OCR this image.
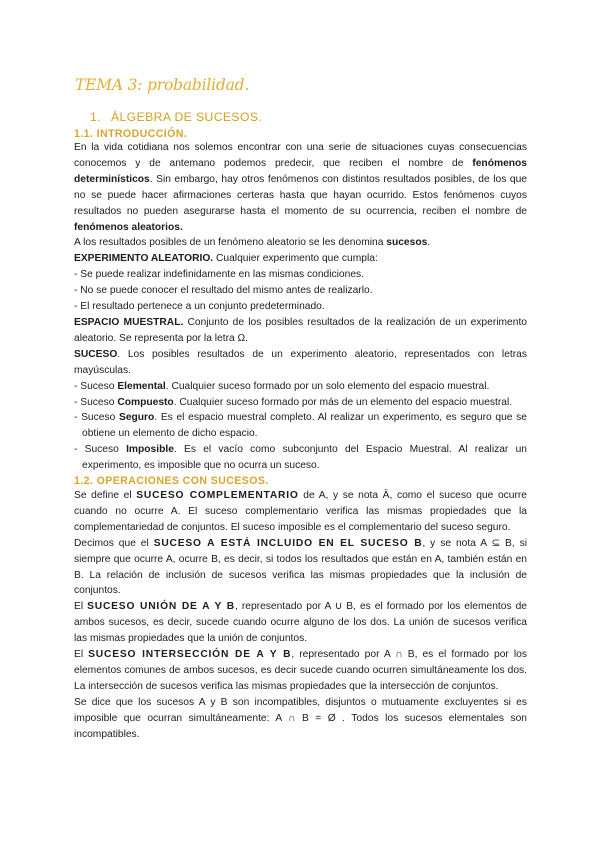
TEMA 3: probabilidad.
1. ÁLGEBRA DE SUCESOS.
1.1. INTRODUCCIÓN.

En la vida cotidiana nos solemos encontrar con una serie de situaciones cuyas consecuencias conocemos y de antemano podemos predecir, que reciben el nombre de fenómenos determinísticos. Sin embargo, hay otros fenómenos con distintos resultados posibles, de los que no se puede hacer afirmaciones certeras hasta que hayan ocurrido. Estos fenómenos cuyos resultados no pueden asegurarse hasta el momento de su ocurrencia, reciben el nombre de fenómenos aleatorios.

A los resultados posibles de un fenómeno aleatorio se les denomina sucesos.

EXPERIMENTO ALEATORIO. Cualquier experimento que cumpla:

- Se puede realizar indefinidamente en las mismas condiciones.

- No se puede conocer el resultado del mismo antes de realizarlo.

- El resultado pertenece a un conjunto predeterminado.

ESPACIO MUESTRAL. Conjunto de los posibles resultados de la realización de un experimento aleatorio. Se representa por la letra Ω.

SUCESO. Los posibles resultados de un experimento aleatorio, representados con letras mayúsculas.

- Suceso Elemental. Cualquier suceso formado por un solo elemento del espacio muestral.

- Suceso Compuesto. Cualquier suceso formado por más de un elemento del espacio muestral.

- Suceso Seguro. Es el espacio muestral completo. Al realizar un experimento, es seguro que se obtiene un elemento de dicho espacio.

- Suceso Imposible. Es el vacío como subconjunto del Espacio Muestral. Al realizar un experimento, es imposible que no ocurra un suceso.

1.2. OPERACIONES CON SUCESOS.

Se define el SUCESO COMPLEMENTARIO de A, y se nota Ā, como el suceso que ocurre cuando no ocurre A. El suceso complementario verifica las mismas propiedades que la complementariedad de conjuntos. El suceso imposible es el complementario del suceso seguro.

Decimos que el SUCESO A ESTÁ INCLUIDO EN EL SUCESO B, y se nota A ⊆ B, si siempre que ocurre A, ocurre B, es decir, si todos los resultados que están en A, también están en B. La relación de inclusión de sucesos verifica las mismas propiedades que la inclusión de conjuntos.

El SUCESO UNIÓN DE A Y B, representado por A ∪ B, es el formado por los elementos de ambos sucesos, es decir, sucede cuando ocurre alguno de los dos. La unión de sucesos verifica las mismas propiedades que la unión de conjuntos.

El SUCESO INTERSECCIÓN DE A Y B, representado por A ∩ B, es el formado por los elementos comunes de ambos sucesos, es decir sucede cuando ocurren simultáneamente los dos. La intersección de sucesos verifica las mismas propiedades que la intersección de conjuntos.

Se dice que los sucesos A y B son incompatibles, disjuntos o mutuamente excluyentes si es imposible que ocurran simultáneamente: A ∩ B = Ø . Todos los sucesos elementales son incompatibles.
